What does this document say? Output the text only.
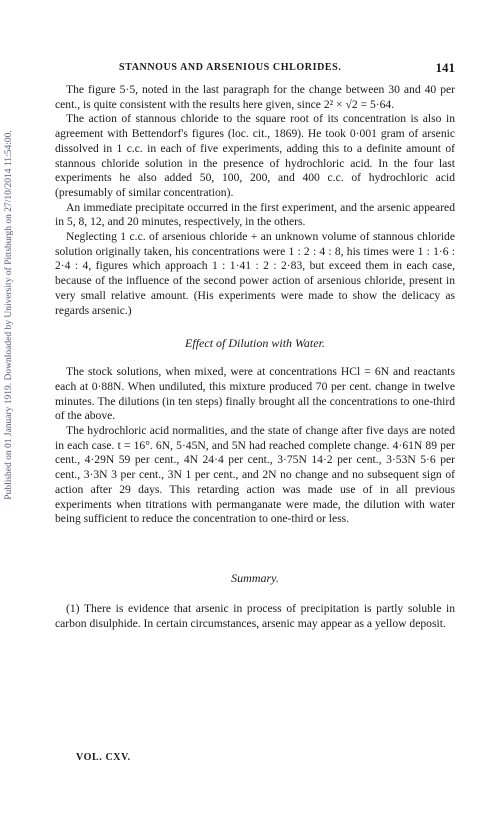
Published on 01 January 1919. Downloaded by University of Pittsburgh on 27/10/2014 11:54:00.
STANNOUS AND ARSENIOUS CHLORIDES.	141

The figure 5·5, noted in the last paragraph for the change between 30 and 40 per cent., is quite consistent with the results here given, since 2² × √2 = 5·64.

The action of stannous chloride to the square root of its concentration is also in agreement with Bettendorf's figures (loc. cit., 1869). He took 0·001 gram of arsenic dissolved in 1 c.c. in each of five experiments, adding this to a definite amount of stannous chloride solution in the presence of hydrochloric acid. In the four last experiments he also added 50, 100, 200, and 400 c.c. of hydrochloric acid (presumably of similar concentration).

An immediate precipitate occurred in the first experiment, and the arsenic appeared in 5, 8, 12, and 20 minutes, respectively, in the others.

Neglecting 1 c.c. of arsenious chloride + an unknown volume of stannous chloride solution originally taken, his concentrations were 1 : 2 : 4 : 8, his times were 1 : 1·6 : 2·4 : 4, figures which approach 1 : 1·41 : 2 : 2·83, but exceed them in each case, because of the influence of the second power action of arsenious chloride, present in very small relative amount. (His experiments were made to show the delicacy as regards arsenic.)

Effect of Dilution with Water.

The stock solutions, when mixed, were at concentrations HCl = 6N and reactants each at 0·88N. When undiluted, this mixture produced 70 per cent. change in twelve minutes. The dilutions (in ten steps) finally brought all the concentrations to one-third of the above.

The hydrochloric acid normalities, and the state of change after five days are noted in each case. t = 16°. 6N, 5·45N, and 5N had reached complete change. 4·61N 89 per cent., 4·29N 59 per cent., 4N 24·4 per cent., 3·75N 14·2 per cent., 3·53N 5·6 per cent., 3·3N 3 per cent., 3N 1 per cent., and 2N no change and no subsequent sign of action after 29 days. This retarding action was made use of in all previous experiments when titrations with permanganate were made, the dilution with water being sufficient to reduce the concentration to one-third or less.

Summary.

(1) There is evidence that arsenic in process of precipitation is partly soluble in carbon disulphide. In certain circumstances, arsenic may appear as a yellow deposit.

VOL. CXV.
